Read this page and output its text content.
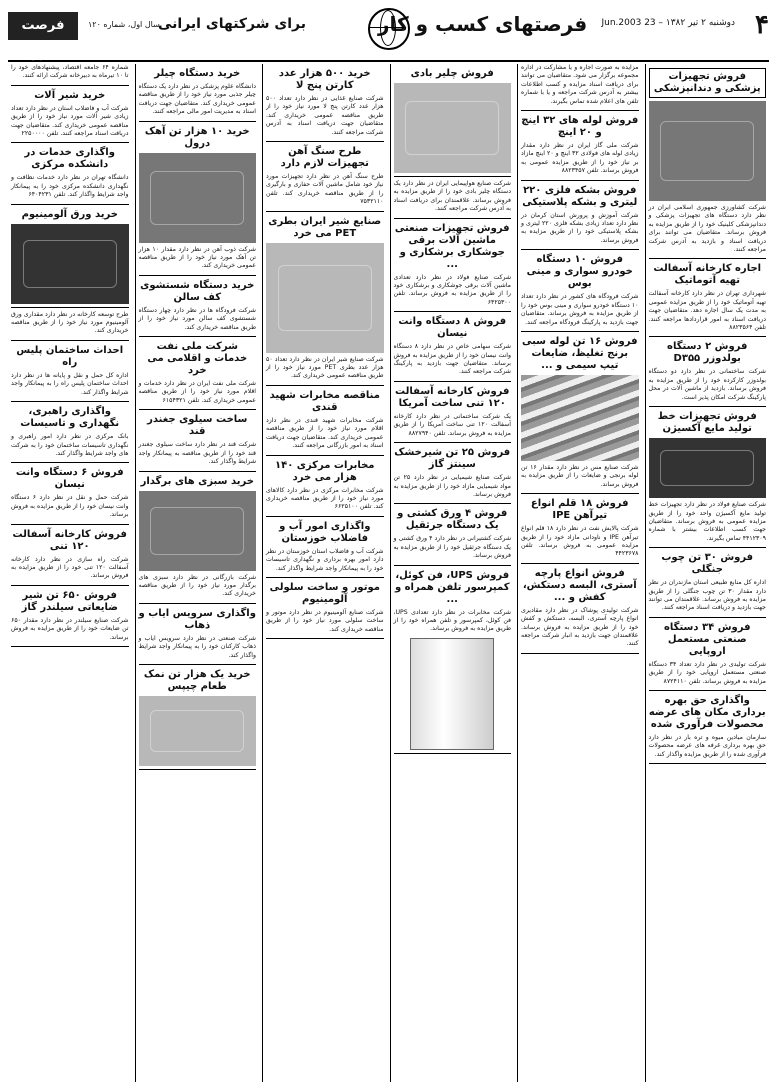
۴
دوشنبه ۲ تیر ۱۳۸۲ – 23 Jun.2003
فرصتهای کسب و کار
برای شرکتهای ایرانی
سال اول، شماره ۱۲۰
فرصت امروز
فروش تجهیزات پزشکی و دندانپزشکی

شرکت کشاورزی جمهوری اسلامی ایران در نظر دارد دستگاه های تجهیزات پزشکی و دندانپزشکی کلینیک خود را از طریق مزایده به فروش برساند. متقاضیان می توانند برای دریافت اسناد و بازدید به آدرس شرکت مراجعه کنند.

اجاره کارخانه آسفالت تهیه آتوماتیک

شهرداری تهران در نظر دارد کارخانه آسفالت تهیه آتوماتیک خود را از طریق مزایده عمومی به مدت یک سال اجاره دهد. متقاضیان جهت دریافت اسناد به امور قراردادها مراجعه کنند. تلفن ۸۸۲۳۵۶۴

فروش ۲ دستگاه بولدوزر D۳۵۵

شرکت ساختمانی در نظر دارد دو دستگاه بولدوزر کارکرده خود را از طریق مزایده به فروش برساند. بازدید از ماشین آلات در محل پارکینگ شرکت امکان پذیر است.

فروش تجهیزات خط تولید مایع آکسیژن

شرکت صنایع فولاد در نظر دارد تجهیزات خط تولید مایع آکسیژن واحد خود را از طریق مزایده عمومی به فروش برساند. متقاضیان جهت کسب اطلاعات بیشتر با شماره ۴۴۱۲۳۰۹ تماس بگیرند.

فروش ۳۰ تن چوب جنگلی

اداره کل منابع طبیعی استان مازندران در نظر دارد مقدار ۳۰ تن چوب جنگلی را از طریق مزایده به فروش برساند. علاقمندان می توانند جهت بازدید و دریافت اسناد مراجعه کنند.

فروش ۳۴ دستگاه صنعتی مستعمل اروپایی

شرکت تولیدی در نظر دارد تعداد ۳۴ دستگاه صنعتی مستعمل اروپایی خود را از طریق مزایده به فروش برساند. تلفن ۸۷۲۴۱۱۰

واگذاری حق بهره برداری مکان های عرضه محصولات فرآوری شده

سازمان میادین میوه و تره بار در نظر دارد حق بهره برداری غرفه های عرضه محصولات فرآوری شده را از طریق مزایده واگذار کند.

مزایده به صورت اجاره و یا مشارکت در اداره مجموعه برگزار می شود. متقاضیان می توانند برای دریافت اسناد مزایده و کسب اطلاعات بیشتر به آدرس شرکت مراجعه و یا با شماره تلفن های اعلام شده تماس بگیرند.

فروش لوله های ۳۲ اینچ و ۲۰ اینچ

شرکت ملی گاز ایران در نظر دارد مقدار زیادی لوله های فولادی ۳۲ اینچ و ۲۰ اینچ مازاد بر نیاز خود را از طریق مزایده عمومی به فروش برساند. تلفن ۸۸۲۳۴۵۷

فروش بشکه فلزی ۲۲۰ لیتری و بشکه پلاستیکی

شرکت آموزش و پرورش استان کرمان در نظر دارد تعداد زیادی بشکه فلزی ۲۲۰ لیتری و بشکه پلاستیکی خود را از طریق مزایده به فروش برساند.

فروش ۱۰ دستگاه خودرو سواری و مینی بوس

شرکت فرودگاه های کشور در نظر دارد تعداد ۱۰ دستگاه خودرو سواری و مینی بوس خود را از طریق مزایده به فروش برساند. متقاضیان جهت بازدید به پارکینگ فرودگاه مراجعه کنند.

فروش ۱۶ تن لوله سبی برنج تغلیظ، ضایعات تیپ سیمی و ...

شرکت صنایع مس در نظر دارد مقدار ۱۶ تن لوله برنجی و ضایعات را از طریق مزایده به فروش برساند.

فروش ۱۸ قلم انواع تیرآهن IPE

شرکت پالایش نفت در نظر دارد ۱۸ قلم انواع تیرآهن IPE و ناودانی مازاد خود را از طریق مزایده عمومی به فروش برساند. تلفن ۴۴۲۳۶۷۸

فروش انواع پارچه آستری، البسه دستکش، کفش و ...

شرکت تولیدی پوشاک در نظر دارد مقادیری انواع پارچه آستری، البسه، دستکش و کفش خود را از طریق مزایده به فروش برساند. علاقمندان جهت بازدید به انبار شرکت مراجعه کنند.

فروش چلیر بادی

شرکت صنایع هواپیمایی ایران در نظر دارد یک دستگاه چلیر بادی خود را از طریق مزایده به فروش برساند. علاقمندان برای دریافت اسناد به آدرس شرکت مراجعه کنند.

فروش تجهیزات صنعتی ماشین آلات برقی جوشکاری برشکاری و ...

شرکت صنایع فولاد در نظر دارد تعدادی ماشین آلات برقی جوشکاری و برشکاری خود را از طریق مزایده به فروش برساند. تلفن ۶۴۲۵۳۰۰

فروش ۸ دستگاه وانت نیسان

شرکت سهامی خاص در نظر دارد ۸ دستگاه وانت نیسان خود را از طریق مزایده به فروش برساند. متقاضیان جهت بازدید به پارکینگ شرکت مراجعه کنند.

فروش کارخانه آسفالت ۱۲۰ تنی ساخت آمریکا

یک شرکت ساختمانی در نظر دارد کارخانه آسفالت ۱۲۰ تنی ساخت آمریکا را از طریق مزایده به فروش برساند. تلفن ۸۸۲۷۹۴۰

فروش ۲۵ تن شیرخشک سینتز گاز

شرکت صنایع شیمیایی در نظر دارد ۲۵ تن مواد شیمیایی مازاد خود را از طریق مزایده به فروش برساند.

فروش ۴ ورق کشتی و یک دستگاه جرثقیل

شرکت کشتیرانی در نظر دارد ۴ ورق کشتی و یک دستگاه جرثقیل خود را از طریق مزایده به فروش برساند.

فروش UPS، فن کوئل، کمپرسور تلفن همراه و ...

شرکت مخابرات در نظر دارد تعدادی UPS، فن کوئل، کمپرسور و تلفن همراه خود را از طریق مزایده به فروش برساند.

خرید ۵۰۰ هزار عدد کارتن پنج لا

شرکت صنایع غذایی در نظر دارد تعداد ۵۰۰ هزار عدد کارتن پنج لا مورد نیاز خود را از طریق مناقصه عمومی خریداری کند. متقاضیان جهت دریافت اسناد به آدرس شرکت مراجعه کنند.

طرح سنگ آهن تجهیزات لازم دارد

طرح سنگ آهن در نظر دارد تجهیزات مورد نیاز خود شامل ماشین آلات حفاری و بارگیری را از طریق مناقصه خریداری کند. تلفن ۷۵۳۲۱۱۰

صنایع شیر ایران بطری PET می خرد

شرکت صنایع شیر ایران در نظر دارد تعداد ۵۰ هزار عدد بطری PET مورد نیاز خود را از طریق مناقصه عمومی خریداری کند.

مناقصه مخابرات شهید قندی

شرکت مخابرات شهید قندی در نظر دارد اقلام مورد نیاز خود را از طریق مناقصه عمومی خریداری کند. متقاضیان جهت دریافت اسناد به امور بازرگانی مراجعه کنند.

مخابرات مرکزی ۱۴۰ هزار می خرد

شرکت مخابرات مرکزی در نظر دارد کالاهای مورد نیاز خود را از طریق مناقصه خریداری کند. تلفن ۶۶۲۵۱۰۰

واگذاری امور آب و فاضلاب خوزستان

شرکت آب و فاضلاب استان خوزستان در نظر دارد امور بهره برداری و نگهداری تاسیسات خود را به پیمانکار واجد شرایط واگذار کند.

موتور و ساخت سلولی آلومینیوم

شرکت صنایع آلومینیوم در نظر دارد موتور و ساخت سلولی مورد نیاز خود را از طریق مناقصه خریداری کند.

خرید دستگاه چیلر

دانشگاه علوم پزشکی در نظر دارد یک دستگاه چیلر جذبی مورد نیاز خود را از طریق مناقصه عمومی خریداری کند. متقاضیان جهت دریافت اسناد به مدیریت امور مالی مراجعه کنند.

خرید ۱۰ هزار تن آهک درول

شرکت ذوب آهن در نظر دارد مقدار ۱۰ هزار تن آهک مورد نیاز خود را از طریق مناقصه عمومی خریداری کند.

خرید دستگاه شستشوی کف سالن

شرکت فرودگاه ها در نظر دارد چهار دستگاه شستشوی کف سالن مورد نیاز خود را از طریق مناقصه خریداری کند.

شرکت ملی نفت خدمات و اقلامی می خرد

شرکت ملی نفت ایران در نظر دارد خدمات و اقلام مورد نیاز خود را از طریق مناقصه عمومی خریداری کند. تلفن ۶۱۵۴۳۲۱

ساخت سیلوی جغندر قند

شرکت قند در نظر دارد ساخت سیلوی جغندر قند خود را از طریق مناقصه به پیمانکار واجد شرایط واگذار کند.

خرید سبزی های برگدار

شرکت بازرگانی در نظر دارد سبزی های برگدار مورد نیاز خود را از طریق مناقصه خریداری کند.

واگذاری سرویس ایاب و ذهاب

شرکت صنعتی در نظر دارد سرویس ایاب و ذهاب کارکنان خود را به پیمانکار واجد شرایط واگذار کند.

خرید یک هزار تن نمک طعام چیپس

شماره ۶۴ جامعه اقتصاد، پیشنهادهای خود را تا ۱۰ تیرماه به دبیرخانه شرکت ارائه کنند.

خرید شیر آلات

شرکت آب و فاضلاب استان در نظر دارد تعداد زیادی شیر آلات مورد نیاز خود را از طریق مناقصه عمومی خریداری کند. متقاضیان جهت دریافت اسناد مراجعه کنند. تلفن ۲۲۵۰۰۰۰

واگذاری خدمات در دانشکده مرکزی

دانشگاه تهران در نظر دارد خدمات نظافت و نگهداری دانشکده مرکزی خود را به پیمانکار واجد شرایط واگذار کند. تلفن ۶۴۰۴۲۳۱

خرید ورق آلومینیوم

طرح توسعه کارخانه در نظر دارد مقداری ورق آلومینیوم مورد نیاز خود را از طریق مناقصه خریداری کند.

احداث ساختمان پلیس راه

اداره کل حمل و نقل و پایانه ها در نظر دارد احداث ساختمان پلیس راه را به پیمانکار واجد شرایط واگذار کند.

واگذاری راهبری، نگهداری و تاسیسات

بانک مرکزی در نظر دارد امور راهبری و نگهداری تاسیسات ساختمان خود را به شرکت های واجد شرایط واگذار کند.

فروش ۶ دستگاه وانت نیسان

شرکت حمل و نقل در نظر دارد ۶ دستگاه وانت نیسان خود را از طریق مزایده به فروش برساند.

فروش کارخانه آسفالت ۱۲۰ تنی

شرکت راه سازی در نظر دارد کارخانه آسفالت ۱۲۰ تنی خود را از طریق مزایده به فروش برساند.

فروش ۶۵۰ تن شیر ضایعاتی سیلندر گاز

شرکت صنایع سیلندر در نظر دارد مقدار ۶۵۰ تن ضایعات خود را از طریق مزایده به فروش برساند.
